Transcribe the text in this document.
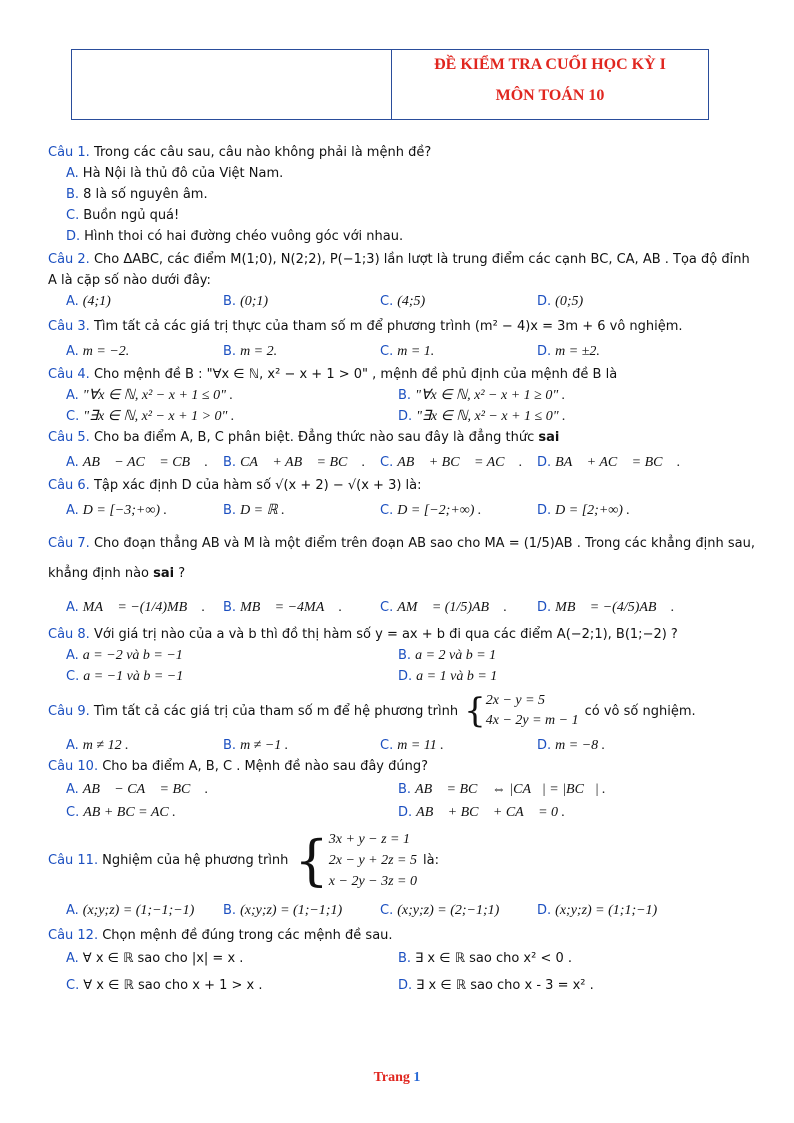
ĐỀ KIỂM TRA CUỐI HỌC KỲ I
MÔN TOÁN 10
Câu 1. Trong các câu sau, câu nào không phải là mệnh đề?
A. Hà Nội là thủ đô của Việt Nam.
B. 8 là số nguyên âm.
C. Buồn ngủ quá!
D. Hình thoi có hai đường chéo vuông góc với nhau.
Câu 2. Cho ΔABC, các điểm M(1;0), N(2;2), P(−1;3) lần lượt là trung điểm các cạnh BC, CA, AB . Tọa độ đỉnh A là cặp số nào dưới đây:
A. (4;1)	B. (0;1)	C. (4;5)	D. (0;5)
Câu 3. Tìm tất cả các giá trị thực của tham số m để phương trình (m² − 4)x = 3m + 6 vô nghiệm.
A. m = −2.	B. m = 2.	C. m = 1.	D. m = ±2.
Câu 4. Cho mệnh đề B : "∀x ∈ ℕ, x² − x + 1 > 0" , mệnh đề phủ định của mệnh đề B là
A. "∀x ∈ ℕ, x² − x + 1 ≤ 0" .	B. "∀x ∈ ℕ, x² − x + 1 ≥ 0" .
C. "∃x ∈ ℕ, x² − x + 1 > 0" .	D. "∃x ∈ ℕ, x² − x + 1 ≤ 0" .
Câu 5. Cho ba điểm A, B, C phân biệt. Đẳng thức nào sau đây là đẳng thức sai
A. AB⃗ − AC⃗ = CB⃗ .	B. CA⃗ + AB⃗ = BC⃗ .	C. AB⃗ + BC⃗ = AC⃗ .	D. BA⃗ + AC⃗ = BC⃗ .
Câu 6. Tập xác định D của hàm số √(x + 2) − √(x + 3) là:
A. D = [−3;+∞) .	B. D = ℝ .	C. D = [−2;+∞) .	D. D = [2;+∞) .
Câu 7. Cho đoạn thẳng AB và M là một điểm trên đoạn AB sao cho MA = (1/5)AB . Trong các khẳng định sau, khẳng định nào sai ?
A. MA⃗ = −(1/4)MB⃗ .	B. MB⃗ = −4MA⃗ .	C. AM⃗ = (1/5)AB⃗ .	D. MB⃗ = −(4/5)AB⃗ .
Câu 8. Với giá trị nào của a và b thì đồ thị hàm số y = ax + b đi qua các điểm A(−2;1), B(1;−2) ?
A. a = −2 và b = −1	B. a = 2 và b = 1
C. a = −1 và b = −1	D. a = 1 và b = 1
Câu 9. Tìm tất cả các giá trị của tham số m để hệ phương trình { 2x − y = 5
4x − 2y = m − 1
có vô số nghiệm.
A. m ≠ 12 .	B. m ≠ −1 .	C. m = 11 .	D. m = −8 .
Câu 10. Cho ba điểm A, B, C . Mệnh đề nào sau đây đúng?
A. AB⃗ − CA⃗ = BC⃗ .	B. AB⃗ = BC⃗ ⇔ |CA⃗| = |BC⃗| .
C. AB + BC = AC .	D. AB⃗ + BC⃗ + CA⃗ = 0 .
Câu 11. Nghiệm của hệ phương trình { 3x + y − z = 1
2x − y + 2z = 5
x − 2y − 3z = 0
là:
A. (x;y;z) = (1;−1;−1)	B. (x;y;z) = (1;−1;1)	C. (x;y;z) = (2;−1;1)	D. (x;y;z) = (1;1;−1)
Câu 12. Chọn mệnh đề đúng trong các mệnh đề sau.
A. ∀ x ∈ ℝ sao cho |x| = x .	B. ∃ x ∈ ℝ sao cho x² < 0 .
C. ∀ x ∈ ℝ sao cho x + 1 > x .	D. ∃ x ∈ ℝ sao cho x - 3 = x² .
Trang 1
